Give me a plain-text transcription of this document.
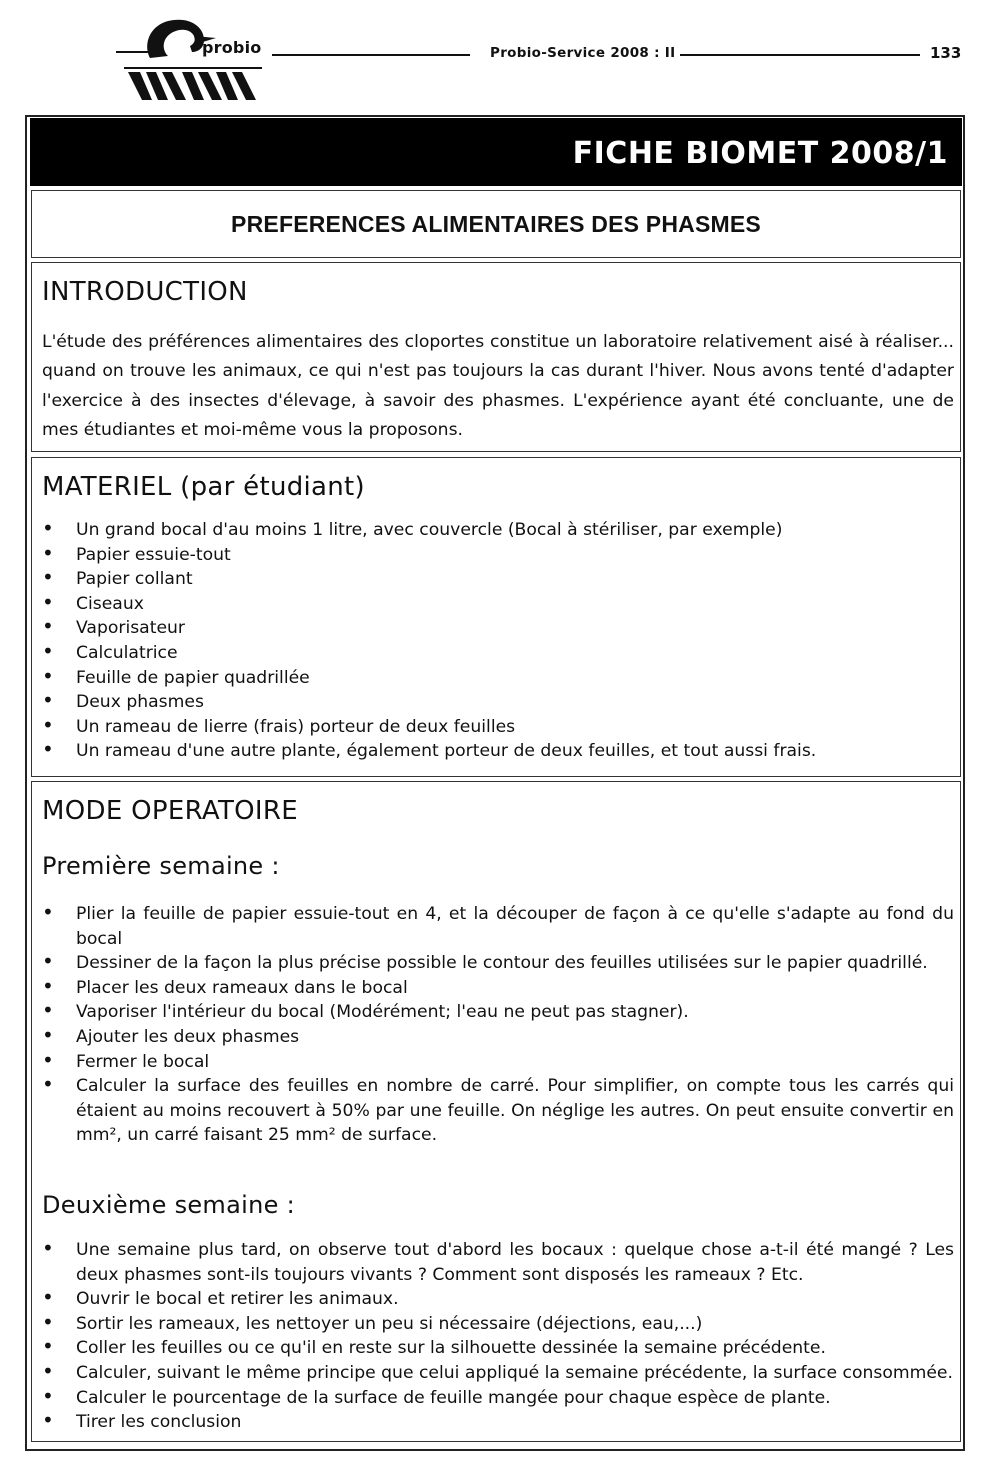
probio	Probio-Service 2008 : II	133
FICHE BIOMET 2008/1
PREFERENCES ALIMENTAIRES DES PHASMES
INTRODUCTION

L'étude des préférences alimentaires des cloportes constitue un laboratoire relativement aisé à réaliser... quand on trouve les animaux, ce qui n'est pas toujours la cas durant l'hiver. Nous avons tenté d'adapter l'exercice à des insectes d'élevage, à savoir des phasmes. L'expérience ayant été concluante, une de mes étudiantes et moi-même vous la proposons.

MATERIEL (par étudiant)
• Un grand bocal d'au moins 1 litre, avec couvercle (Bocal à stériliser, par exemple)
• Papier essuie-tout
• Papier collant
• Ciseaux
• Vaporisateur
• Calculatrice
• Feuille de papier quadrillée
• Deux phasmes
• Un rameau de lierre (frais) porteur de deux feuilles
• Un rameau d'une autre plante, également porteur de deux feuilles, et tout aussi frais.
MODE OPERATOIRE
Première semaine :
• Plier la feuille de papier essuie-tout en 4, et la découper de façon à ce qu'elle s'adapte au fond du bocal
• Dessiner de la façon la plus précise possible le contour des feuilles utilisées sur le papier quadrillé.
• Placer les deux rameaux dans le bocal
• Vaporiser l'intérieur du bocal (Modérément; l'eau ne peut pas stagner).
• Ajouter les deux phasmes
• Fermer le bocal
• Calculer la surface des feuilles en nombre de carré. Pour simplifier, on compte tous les carrés qui étaient au moins recouvert à 50% par une feuille. On néglige les autres. On peut ensuite convertir en mm², un carré faisant 25 mm² de surface.
Deuxième semaine :
• Une semaine plus tard, on observe tout d'abord les bocaux : quelque chose a-t-il été mangé ? Les deux phasmes sont-ils toujours vivants ? Comment sont disposés les rameaux ? Etc.
• Ouvrir le bocal et retirer les animaux.
• Sortir les rameaux, les nettoyer un peu si nécessaire (déjections, eau,...)
• Coller les feuilles ou ce qu'il en reste sur la silhouette dessinée la semaine précédente.
• Calculer, suivant le même principe que celui appliqué la semaine précédente, la surface consommée.
• Calculer le pourcentage de la surface de feuille mangée pour chaque espèce de plante.
• Tirer les conclusion
